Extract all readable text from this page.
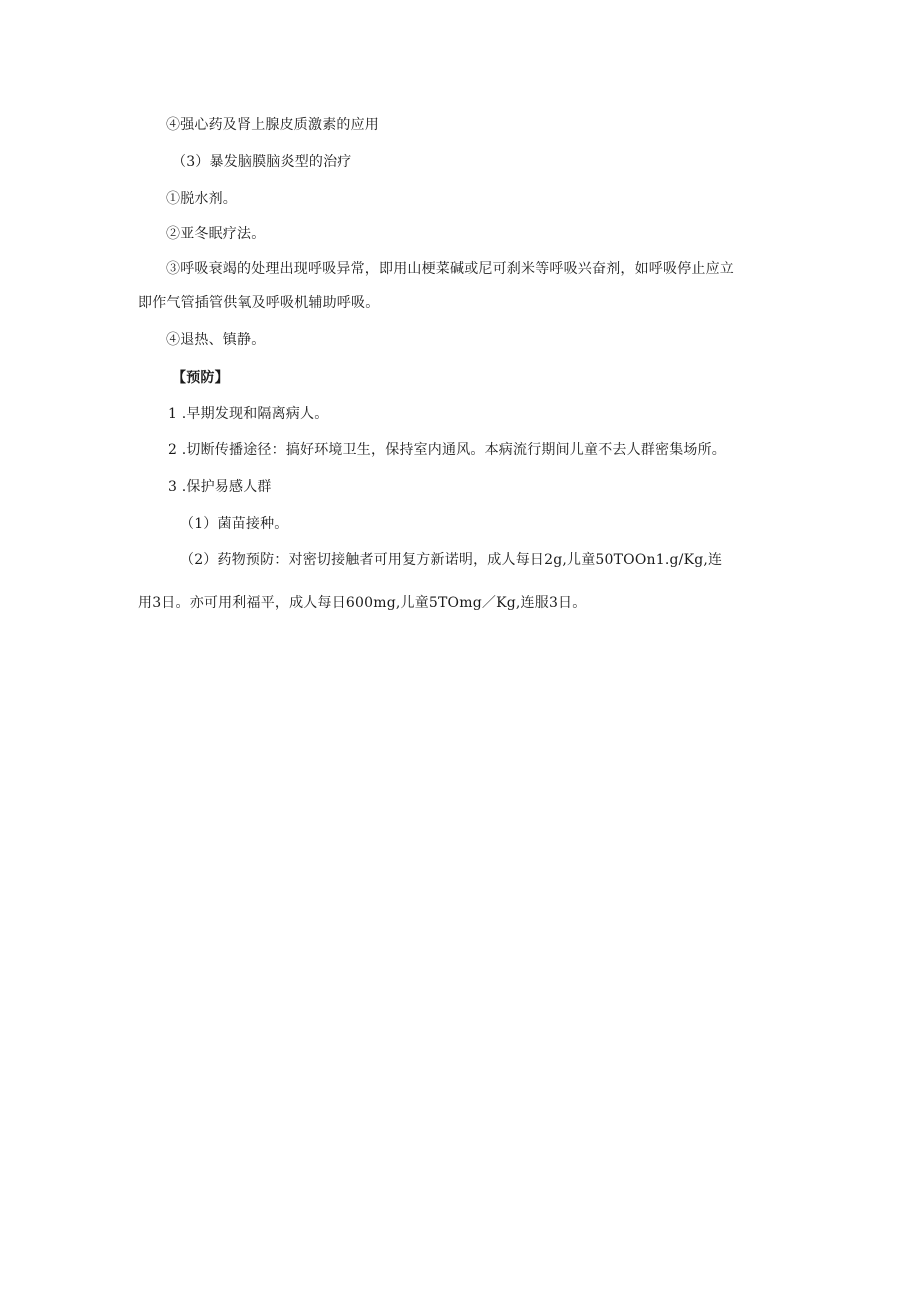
④强心药及肾上腺皮质激素的应用
（3）暴发脑膜脑炎型的治疗
①脱水剂。
②亚冬眠疗法。
③呼吸衰竭的处理出现呼吸异常，即用山梗菜碱或尼可刹米等呼吸兴奋剂，如呼吸停止应立
即作气管插管供氧及呼吸机辅助呼吸。
④退热、镇静。
【预防】
1 .早期发现和隔离病人。
2 .切断传播途径：搞好环境卫生，保持室内通风。本病流行期间儿童不去人群密集场所。
3 .保护易感人群
（1）菌苗接种。
（2）药物预防：对密切接触者可用复方新诺明，成人每日2g,儿童50TOOn1.g/Kg,连
用3日。亦可用利福平，成人每日600mg,儿童5TOmg／Kg,连服3日。
